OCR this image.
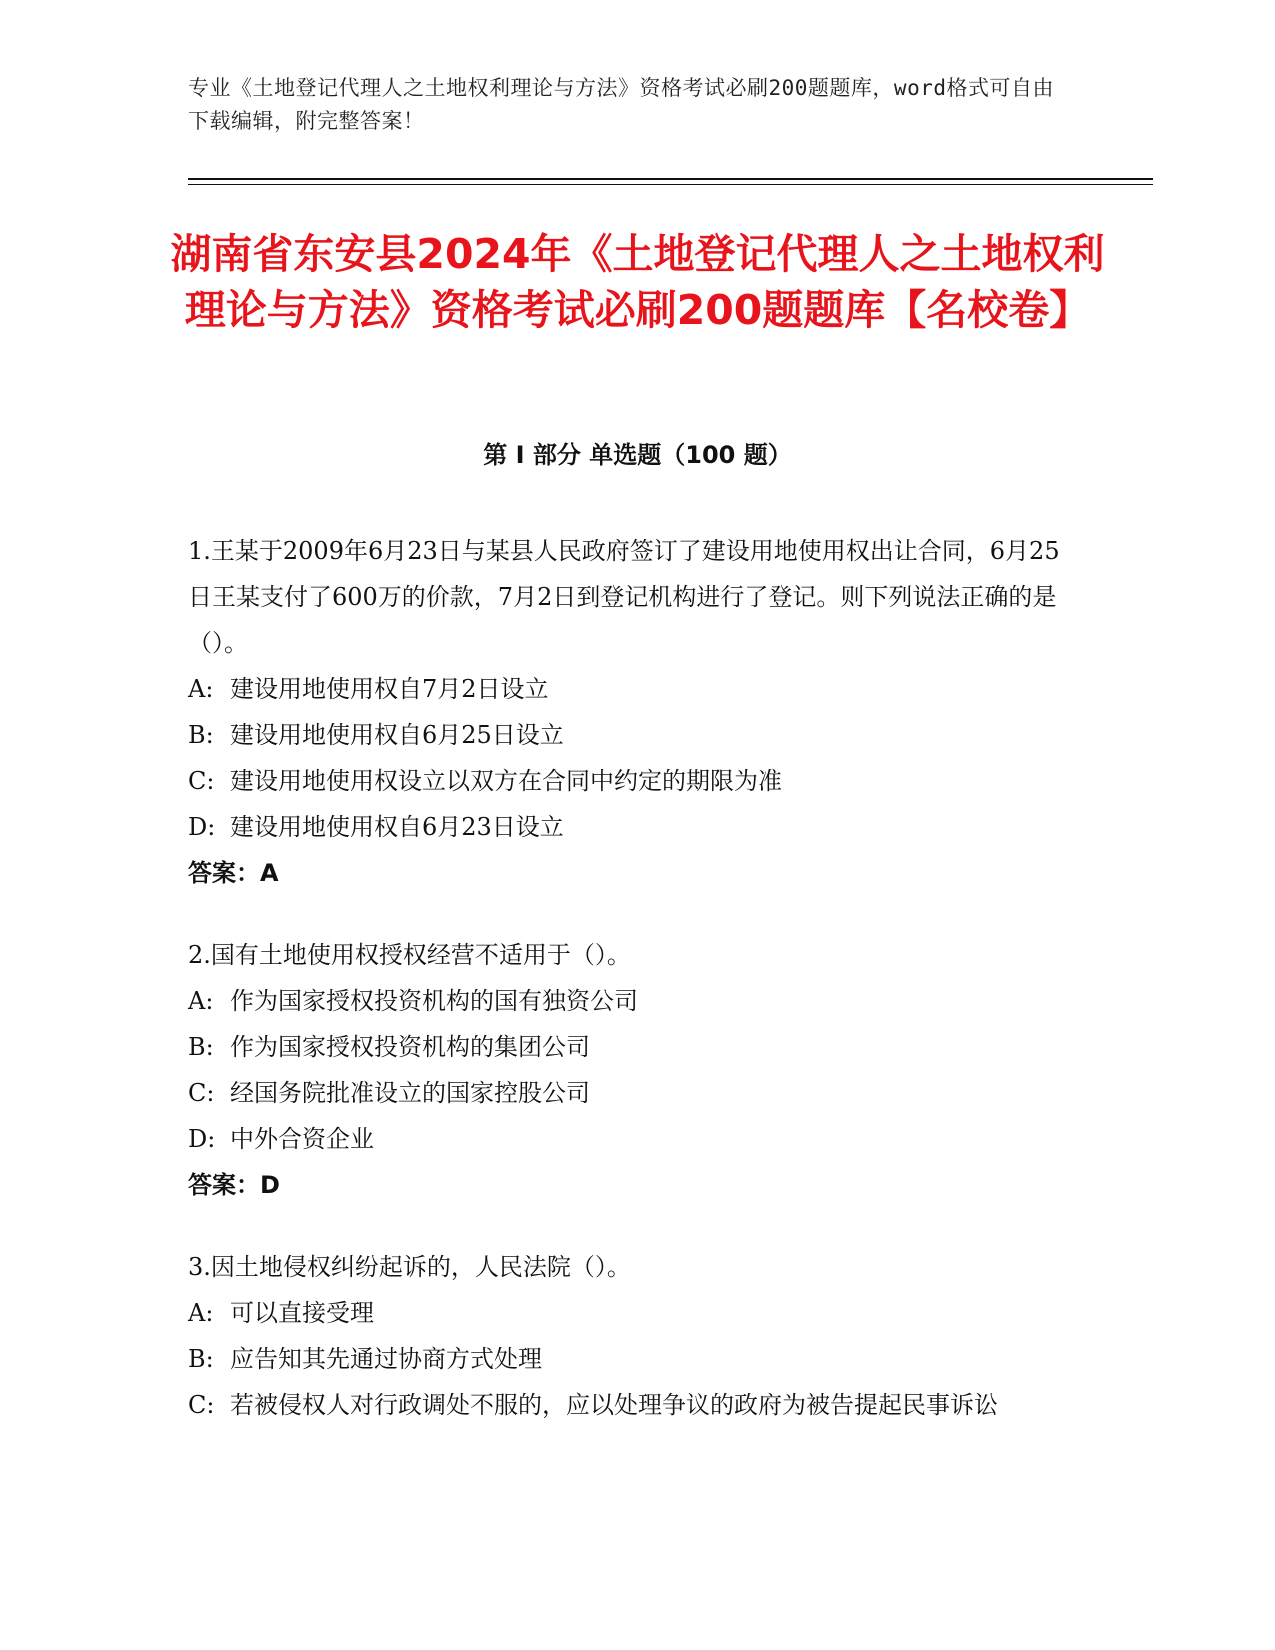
专业《土地登记代理人之土地权利理论与方法》资格考试必刷200题题库，word格式可自由下载编辑，附完整答案！
湖南省东安县2024年《土地登记代理人之土地权利理论与方法》资格考试必刷200题题库【名校卷】
第 I 部分 单选题（100 题）

1.王某于2009年6月23日与某县人民政府签订了建设用地使用权出让合同，6月25日王某支付了600万的价款，7月2日到登记机构进行了登记。则下列说法正确的是（）。

A: 建设用地使用权自7月2日设立

B: 建设用地使用权自6月25日设立

C: 建设用地使用权设立以双方在合同中约定的期限为准

D: 建设用地使用权自6月23日设立

答案：A

2.国有土地使用权授权经营不适用于（）。

A: 作为国家授权投资机构的国有独资公司

B: 作为国家授权投资机构的集团公司

C: 经国务院批准设立的国家控股公司

D: 中外合资企业

答案：D

3.因土地侵权纠纷起诉的，人民法院（）。

A: 可以直接受理

B: 应告知其先通过协商方式处理

C: 若被侵权人对行政调处不服的，应以处理争议的政府为被告提起民事诉讼
